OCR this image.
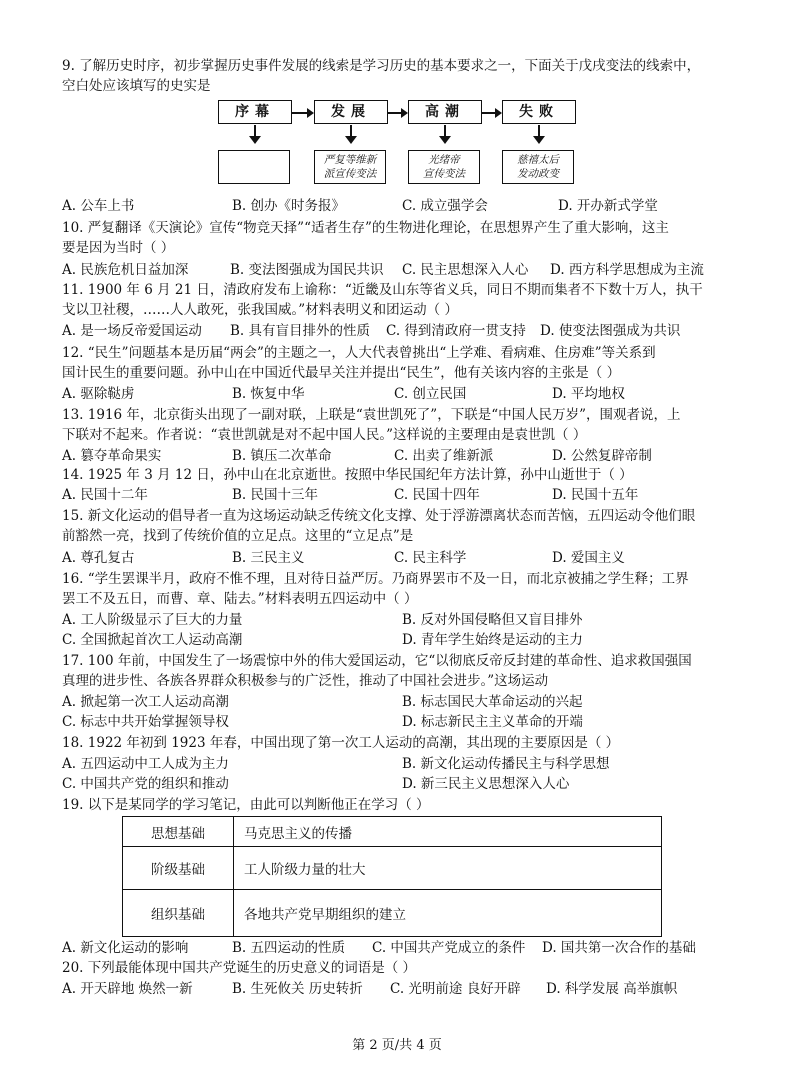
9. 了解历史时序，初步掌握历史事件发展的线索是学习历史的基本要求之一，下面关于戊戌变法的线索中，
空白处应该填写的史实是
序幕	发展	高潮	失败
严复等维新
派宣传变法
光绪帝
宣传变法
慈禧太后
发动政变
A. 公车上书	B. 创办《时务报》	C. 成立强学会	D. 开办新式学堂
10. 严复翻译《天演论》宣传“物竞天择”“适者生存”的生物进化理论，在思想界产生了重大影响，这主
要是因为当时（ ）
A. 民族危机日益加深	B. 变法图强成为国民共识 C. 民主思想深入人心 D. 西方科学思想成为主流
11. 1900 年 6 月 21 日，清政府发布上谕称：“近畿及山东等省义兵，同日不期而集者不下数十万人，执干
戈以卫社稷，……人人敢死，张我国威。”材料表明义和团运动（ ）
A. 是一场反帝爱国运动 B. 具有盲目排外的性质 C. 得到清政府一贯支持 D. 使变法图强成为共识
12. “民生”问题基本是历届“两会”的主题之一，人大代表曾挑出“上学难、看病难、住房难”等关系到
国计民生的重要问题。孙中山在中国近代最早关注并提出“民生”，他有关该内容的主张是（ ）
A. 驱除鞑虏	B. 恢复中华	C. 创立民国	D. 平均地权
13. 1916 年，北京街头出现了一副对联，上联是“袁世凯死了”，下联是“中国人民万岁”，围观者说，上
下联对不起来。作者说：“袁世凯就是对不起中国人民。”这样说的主要理由是袁世凯（ ）
A. 篡夺革命果实	B. 镇压二次革命	C. 出卖了维新派	D. 公然复辟帝制
14. 1925 年 3 月 12 日，孙中山在北京逝世。按照中华民国纪年方法计算，孙中山逝世于（ ）
A. 民国十二年	B. 民国十三年	C. 民国十四年	D. 民国十五年
15. 新文化运动的倡导者一直为这场运动缺乏传统文化支撑、处于浮游漂离状态而苦恼，五四运动令他们眼
前豁然一亮，找到了传统价值的立足点。这里的“立足点”是
A. 尊孔复古	B. 三民主义	C. 民主科学	D. 爱国主义
16. “学生罢课半月，政府不惟不理，且对待日益严厉。乃商界罢市不及一日，而北京被捕之学生释；工界
罢工不及五日，而曹、章、陆去。”材料表明五四运动中（ ）
A. 工人阶级显示了巨大的力量	B. 反对外国侵略但又盲目排外
C. 全国掀起首次工人运动高潮	D. 青年学生始终是运动的主力
17. 100 年前，中国发生了一场震惊中外的伟大爱国运动，它“以彻底反帝反封建的革命性、追求救国强国
真理的进步性、各族各界群众积极参与的广泛性，推动了中国社会进步。”这场运动
A. 掀起第一次工人运动高潮	B. 标志国民大革命运动的兴起
C. 标志中共开始掌握领导权	D. 标志新民主主义革命的开端
18. 1922 年初到 1923 年春，中国出现了第一次工人运动的高潮，其出现的主要原因是（ ）
A. 五四运动中工人成为主力	B. 新文化运动传播民主与科学思想
C. 中国共产党的组织和推动	D. 新三民主义思想深入人心
19. 以下是某同学的学习笔记，由此可以判断他正在学习（ ）
思想基础	马克思主义的传播
阶级基础	工人阶级力量的壮大
组织基础	各地共产党早期组织的建立
A. 新文化运动的影响	B. 五四运动的性质 C. 中国共产党成立的条件 D. 国共第一次合作的基础
20. 下列最能体现中国共产党诞生的历史意义的词语是（ ）
A. 开天辟地 焕然一新	B. 生死攸关 历史转折 C. 光明前途 良好开辟 D. 科学发展 高举旗帜
第 2 页/共 4 页
